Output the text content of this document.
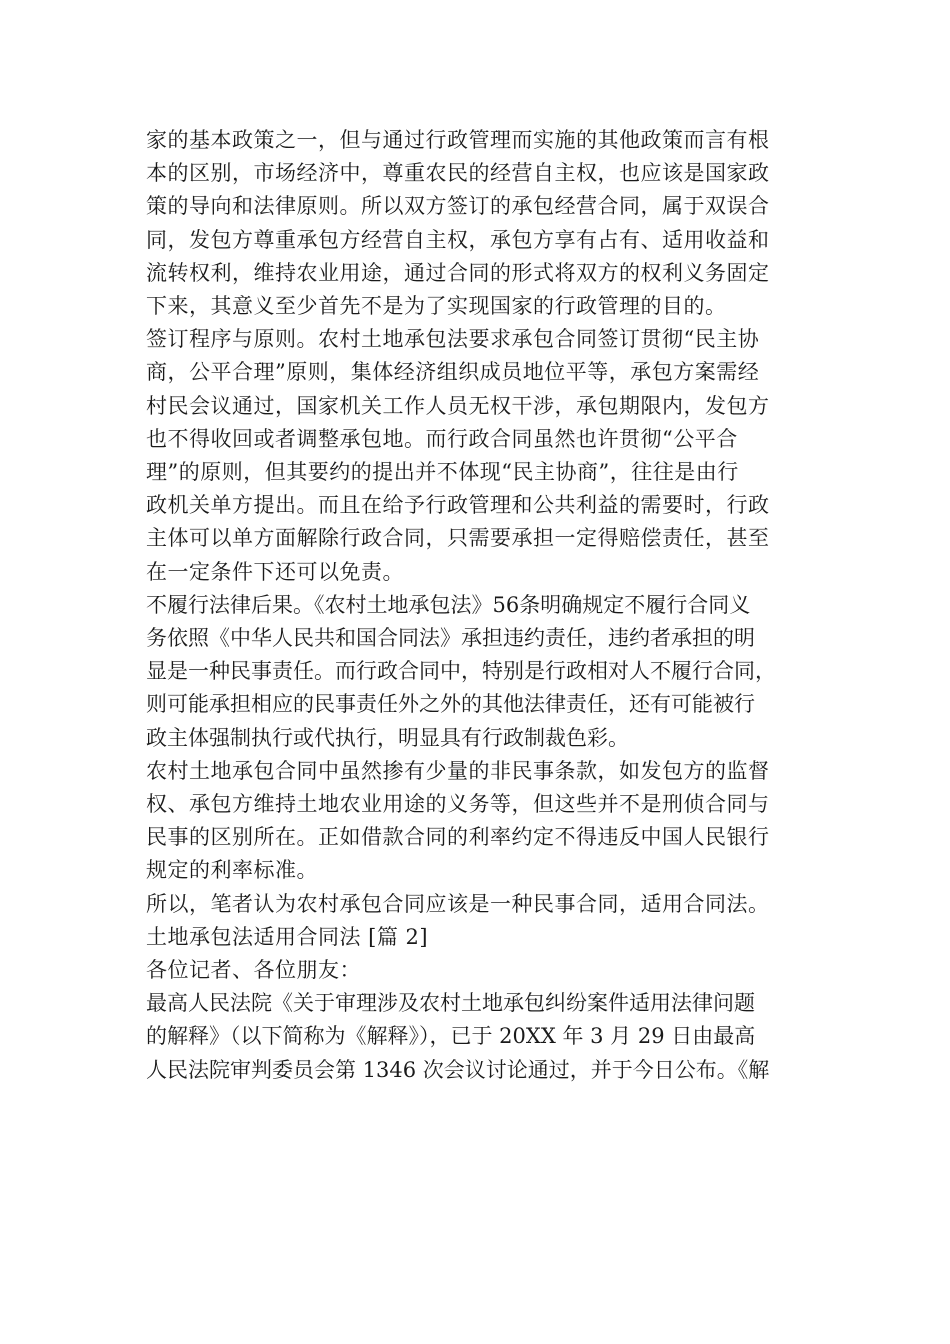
家的基本政策之一，但与通过行政管理而实施的其他政策而言有根
本的区别，市场经济中，尊重农民的经营自主权，也应该是国家政
策的导向和法律原则。所以双方签订的承包经营合同，属于双误合
同，发包方尊重承包方经营自主权，承包方享有占有、适用收益和
流转权利，维持农业用途，通过合同的形式将双方的权利义务固定
下来，其意义至少首先不是为了实现国家的行政管理的目的。

签订程序与原则。农村土地承包法要求承包合同签订贯彻“民主协
商，公平合理”原则，集体经济组织成员地位平等，承包方案需经
村民会议通过，国家机关工作人员无权干涉，承包期限内，发包方
也不得收回或者调整承包地。而行政合同虽然也许贯彻“公平合
理”的原则，但其要约的提出并不体现“民主协商”，往往是由行
政机关单方提出。而且在给予行政管理和公共利益的需要时，行政
主体可以单方面解除行政合同，只需要承担一定得赔偿责任，甚至
在一定条件下还可以免责。

不履行法律后果。《农村土地承包法》56条明确规定不履行合同义
务依照《中华人民共和国合同法》承担违约责任，违约者承担的明
显是一种民事责任。而行政合同中，特别是行政相对人不履行合同，
则可能承担相应的民事责任外之外的其他法律责任，还有可能被行
政主体强制执行或代执行，明显具有行政制裁色彩。

农村土地承包合同中虽然掺有少量的非民事条款，如发包方的监督
权、承包方维持土地农业用途的义务等，但这些并不是刑侦合同与
民事的区别所在。正如借款合同的利率约定不得违反中国人民银行
规定的利率标准。

所以，笔者认为农村承包合同应该是一种民事合同，适用合同法。

土地承包法适用合同法 [篇 2]

各位记者、各位朋友：

最高人民法院《关于审理涉及农村土地承包纠纷案件适用法律问题
的解释》（以下简称为《解释》），已于 20XX 年 3 月 29 日由最高
人民法院审判委员会第 1346 次会议讨论通过，并于今日公布。《解
